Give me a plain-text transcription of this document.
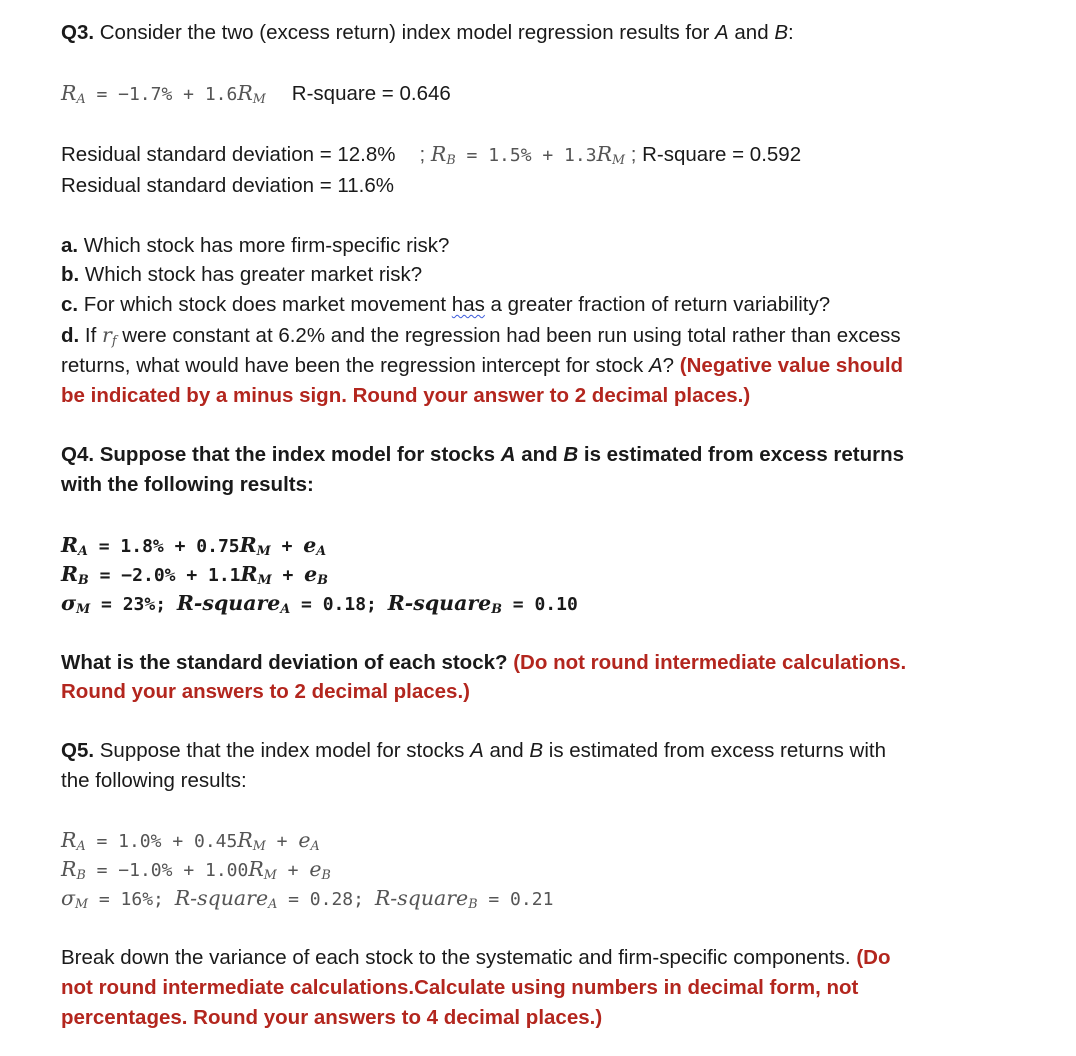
Q3. Consider the two (excess return) index model regression results for A and B:
$R_A = -1.7\% + 1.6R_M$ R-square = 0.646
Residual standard deviation = 12.8% ; $R_B = 1.5\% + 1.3R_M$ ; R-square = 0.592
Residual standard deviation = 11.6%
a. Which stock has more firm-specific risk?
b. Which stock has greater market risk?
c. For which stock does market movement has a greater fraction of return variability?
d. If $r_f$ were constant at 6.2% and the regression had been run using total rather than excess
returns, what would have been the regression intercept for stock A? (Negative value should
be indicated by a minus sign. Round your answer to 2 decimal places.)
Q4. Suppose that the index model for stocks A and B is estimated from excess returns
with the following results:
$R_A = 1.8\% + 0.75R_M + e_A$
$R_B = -2.0\% + 1.1R_M + e_B$
$\sigma_M = 23\%$; R-square$_A$ = 0.18; R-square$_B$ = 0.10
What is the standard deviation of each stock? (Do not round intermediate calculations.
Round your answers to 2 decimal places.)
Q5. Suppose that the index model for stocks A and B is estimated from excess returns with
the following results:
$R_A = 1.0\% + 0.45R_M + e_A$
$R_B = -1.0\% + 1.00R_M + e_B$
$\sigma_M = 16\%$; R-square$_A$ = 0.28; R-square$_B$ = 0.21
Break down the variance of each stock to the systematic and firm-specific components. (Do
not round intermediate calculations.Calculate using numbers in decimal form, not
percentages. Round your answers to 4 decimal places.)
